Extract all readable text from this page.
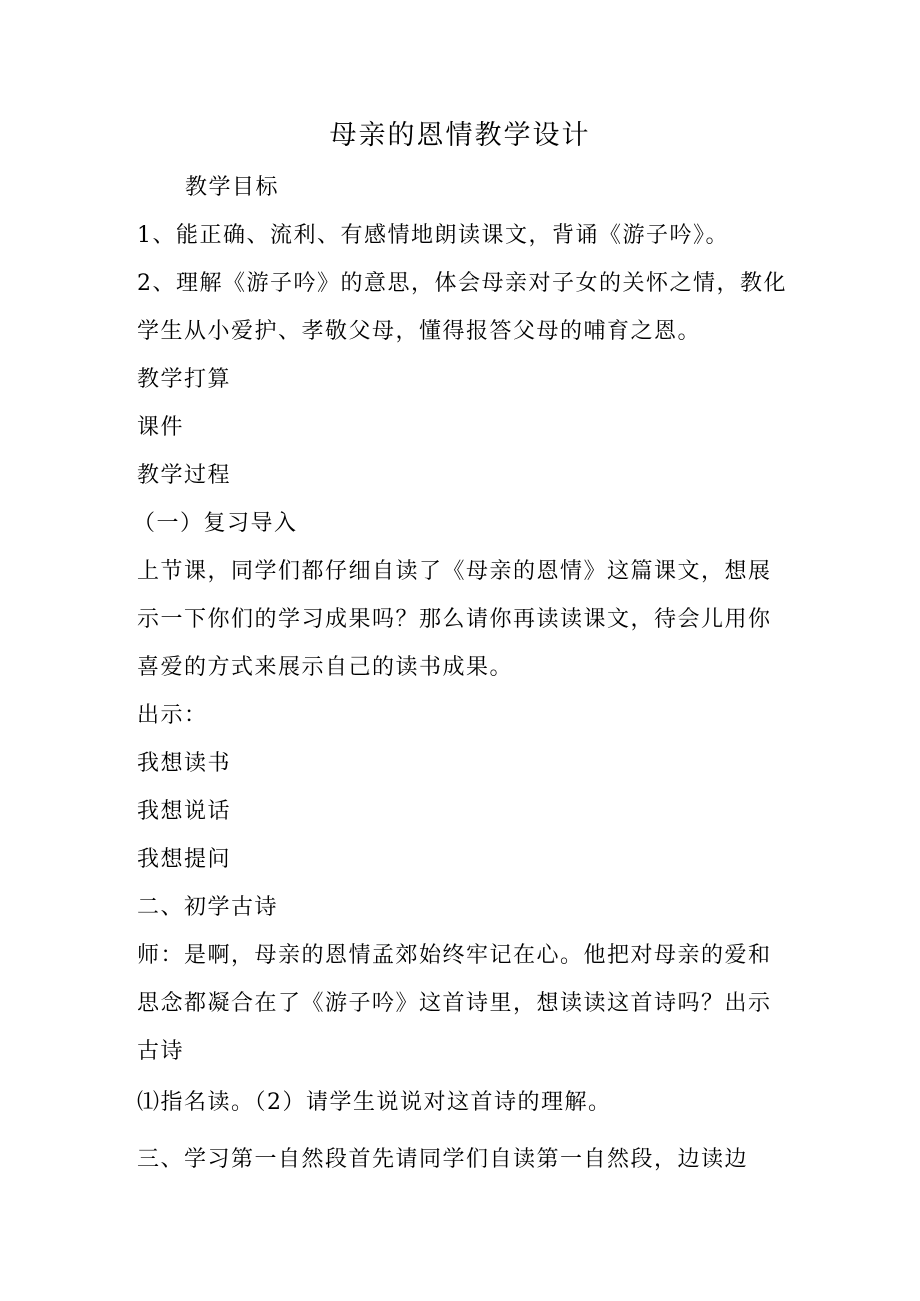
母亲的恩情教学设计
教学目标
1、能正确、流利、有感情地朗读课文，背诵《游子吟》。
2、理解《游子吟》的意思，体会母亲对子女的关怀之情，教化
学生从小爱护、孝敬父母，懂得报答父母的哺育之恩。
教学打算
课件
教学过程
（一）复习导入
上节课，同学们都仔细自读了《母亲的恩情》这篇课文，想展
示一下你们的学习成果吗？那么请你再读读课文，待会儿用你
喜爱的方式来展示自己的读书成果。
出示：
我想读书
我想说话
我想提问
二、初学古诗
师：是啊，母亲的恩情孟郊始终牢记在心。他把对母亲的爱和
思念都凝合在了《游子吟》这首诗里，想读读这首诗吗？出示
古诗
⑴指名读。（2）请学生说说对这首诗的理解。
三、学习第一自然段首先请同学们自读第一自然段，边读边
